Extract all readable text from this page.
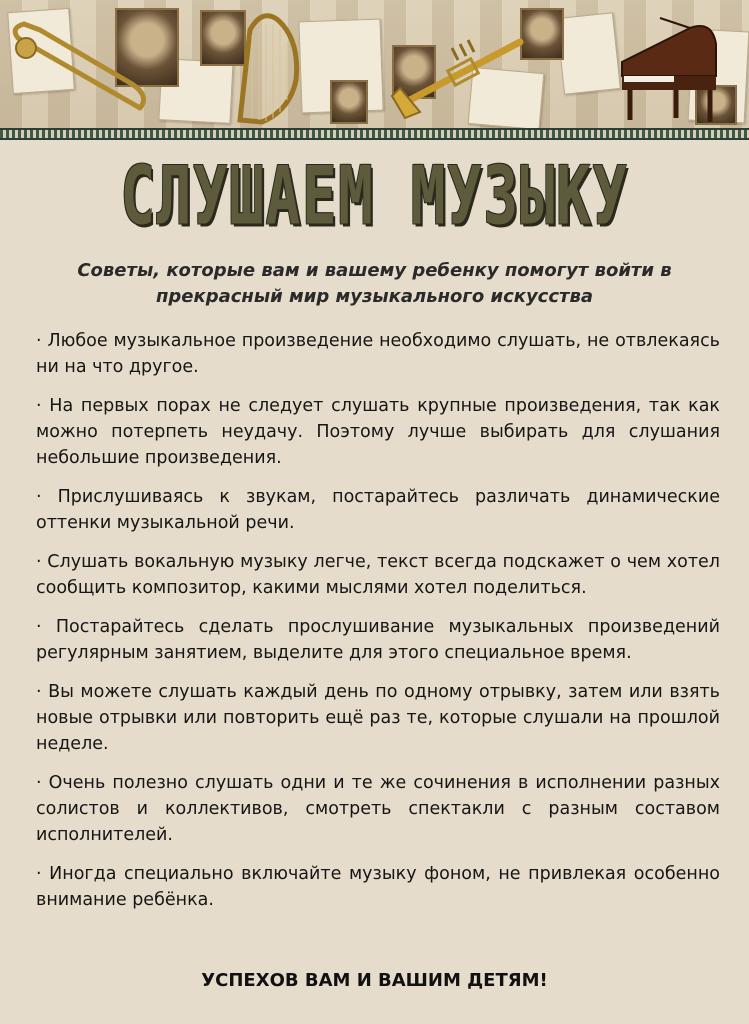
СЛУШАЕМ МУЗЫКУ

Советы, которые вам и вашему ребенку помогут войти в
прекрасный мир музыкального искусства

· Любое музыкальное произведение необходимо слушать, не отвлекаясь ни на что другое.
· На первых порах не следует слушать крупные произведения, так как можно потерпеть неудачу. Поэтому лучше выбирать для слушания небольшие произведения.
· Прислушиваясь к звукам, постарайтесь различать динамические оттенки музыкальной речи.
· Слушать вокальную музыку легче, текст всегда подскажет о чем хотел сообщить композитор, какими мыслями хотел поделиться.
· Постарайтесь сделать прослушивание музыкальных произведений регулярным занятием, выделите для этого специальное время.
· Вы можете слушать каждый день по одному отрывку, затем или взять новые отрывки или повторить ещё раз те, которые слушали на прошлой неделе.
· Очень полезно слушать одни и те же сочинения в исполнении разных солистов и коллективов, смотреть спектакли с разным составом исполнителей.
· Иногда специально включайте музыку фоном, не привлекая особенно внимание ребёнка.

УСПЕХОВ ВАМ И ВАШИМ ДЕТЯМ!
